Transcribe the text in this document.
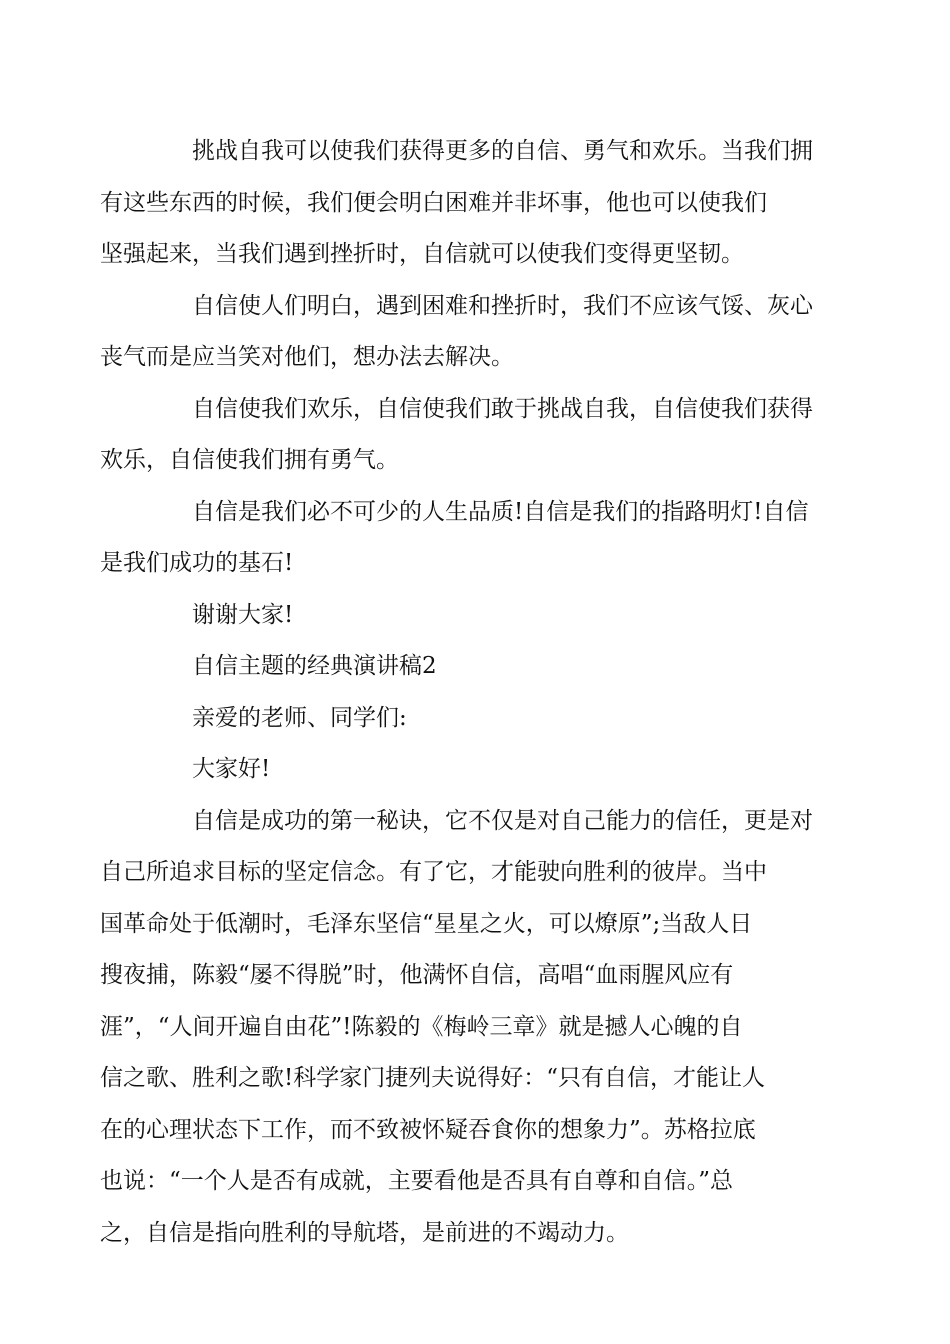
挑战自我可以使我们获得更多的自信、勇气和欢乐。当我们拥
有这些东西的时候，我们便会明白困难并非坏事，他也可以使我们
坚强起来，当我们遇到挫折时，自信就可以使我们变得更坚韧。

自信使人们明白，遇到困难和挫折时，我们不应该气馁、灰心
丧气而是应当笑对他们，想办法去解决。

自信使我们欢乐，自信使我们敢于挑战自我，自信使我们获得
欢乐，自信使我们拥有勇气。

自信是我们必不可少的人生品质!自信是我们的指路明灯!自信
是我们成功的基石!

谢谢大家!

自信主题的经典演讲稿2

亲爱的老师、同学们:

大家好!

自信是成功的第一秘诀，它不仅是对自己能力的信任，更是对
自己所追求目标的坚定信念。有了它，才能驶向胜利的彼岸。当中
国革命处于低潮时，毛泽东坚信“星星之火，可以燎原”;当敌人日
搜夜捕，陈毅“屡不得脱”时，他满怀自信，高唱“血雨腥风应有
涯”，“人间开遍自由花”!陈毅的《梅岭三章》就是撼人心魄的自
信之歌、胜利之歌!科学家门捷列夫说得好：“只有自信，才能让人
在的心理状态下工作，而不致被怀疑吞食你的想象力”。苏格拉底
也说：“一个人是否有成就，主要看他是否具有自尊和自信。”总
之，自信是指向胜利的导航塔，是前进的不竭动力。
